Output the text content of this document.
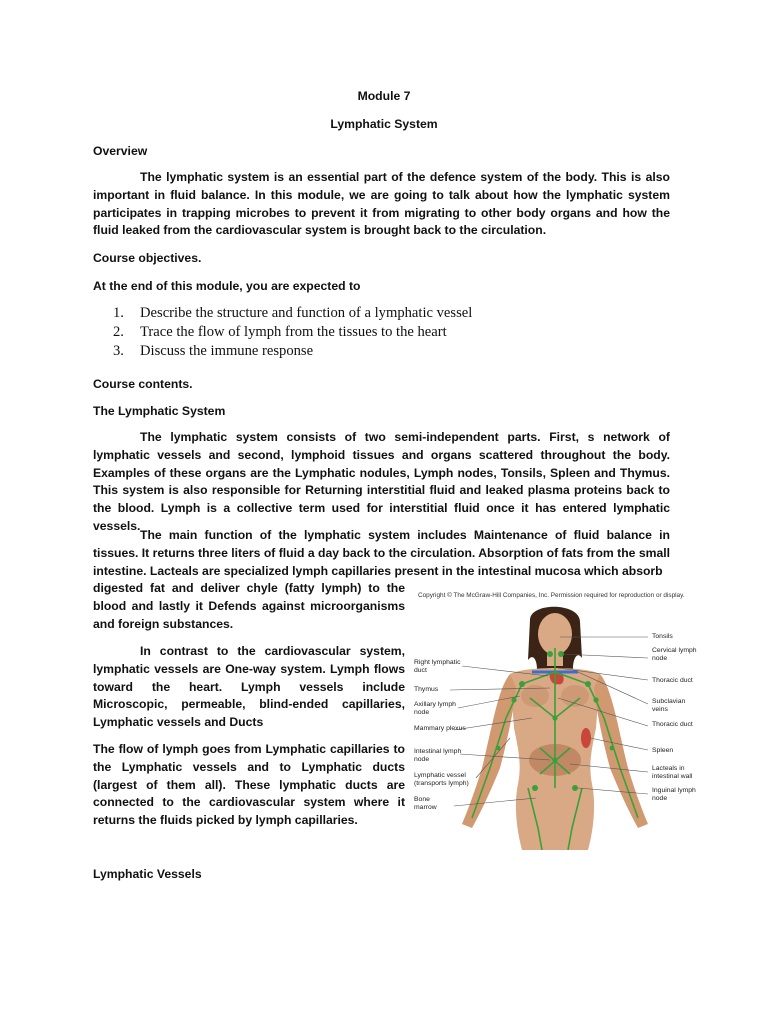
Module 7

Lymphatic System

Overview

The lymphatic system is an essential part of the defence system of the body. This is also important in fluid balance. In this module, we are going to talk about how the lymphatic system participates in trapping microbes to prevent it from migrating to other body organs and how the fluid leaked from the cardiovascular system is brought back to the circulation.

Course objectives.

At the end of this module, you are expected to

1.	Describe the structure and function of a lymphatic vessel
2.	Trace the flow of lymph from the tissues to the heart
3.	Discuss the immune response

Course contents.

The Lymphatic System

The lymphatic system consists of two semi-independent parts. First, s network of lymphatic vessels and second, lymphoid tissues and organs scattered throughout the body. Examples of these organs are the Lymphatic nodules, Lymph nodes, Tonsils, Spleen and Thymus. This system is also responsible for Returning interstitial fluid and leaked plasma proteins back to the blood. Lymph is a collective term used for interstitial fluid once it has entered lymphatic vessels.

The main function of the lymphatic system includes Maintenance of fluid balance in tissues. It returns three liters of fluid a day back to the circulation. Absorption of fats from the small intestine. Lacteals are specialized lymph capillaries present in the intestinal mucosa which absorb

digested fat and deliver chyle (fatty lymph) to the blood and lastly it Defends against microorganisms and foreign substances.

In contrast to the cardiovascular system, lymphatic vessels are One-way system. Lymph flows toward the heart. Lymph vessels include Microscopic, permeable, blind-ended capillaries, Lymphatic vessels and Ducts

The flow of lymph goes from Lymphatic capillaries to the Lymphatic vessels and to Lymphatic ducts (largest of them all). These lymphatic ducts are connected to the cardiovascular system where it returns the fluids picked by lymph capillaries.

Lymphatic Vessels

Copyright © The McGraw-Hill Companies, Inc. Permission required for reproduction or display.
Right lymphatic duct
Thymus
Axillary lymph node
Mammary plexus
Intestinal lymph node
Lymphatic vessel (transports lymph)
Bone marrow
Tonsils
Cervical lymph node
Thoracic duct
Subclavian veins
Thoracic duct
Spleen
Lacteals in intestinal wall
Inguinal lymph node
